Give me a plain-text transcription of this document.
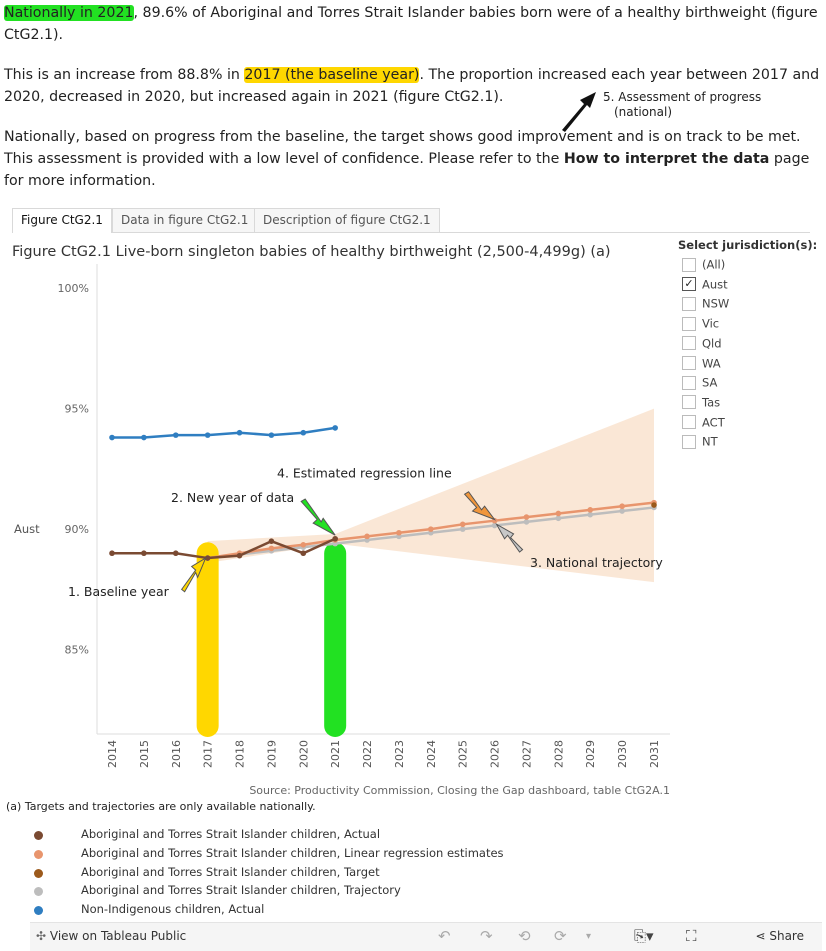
Nationally in 2021, 89.6% of Aboriginal and Torres Strait Islander babies born were of a healthy birthweight (figure CtG2.1).
This is an increase from 88.8% in 2017 (the baseline year). The proportion increased each year between 2017 and 2020, decreased in 2020, but increased again in 2021 (figure CtG2.1).
Nationally, based on progress from the baseline, the target shows good improvement and is on track to be met. This assessment is provided with a low level of confidence. Please refer to the How to interpret the data page for more information.
5. Assessment of progress
(national)
Figure CtG2.1	Data in figure CtG2.1	Description of figure CtG2.1
Figure CtG2.1 Live-born singleton babies of healthy birthweight (2,500-4,499g) (a)	Select jurisdiction(s):
(All)
✓ Aust
NSW
Vic
Qld
WA
SA
Tas
ACT
NT
100%
95%
90%
85%
Aust
2014 2015 2016 2017 2018 2019 2020 2021 2022 2023 2024 2025 2026 2027 2028 2029 2030 2031
1. Baseline year
2. New year of data
4. Estimated regression line
3. National trajectory
Source: Productivity Commission, Closing the Gap dashboard, table CtG2A.1
(a) Targets and trajectories are only available nationally.
Aboriginal and Torres Strait Islander children, Actual
Aboriginal and Torres Strait Islander children, Linear regression estimates
Aboriginal and Torres Strait Islander children, Target
Aboriginal and Torres Strait Islander children, Trajectory
Non-Indigenous children, Actual
✣ View on Tableau Public	↶ ↷ ⟲ ⟳ ▾	⎘▾ ⛶	⋖ Share
